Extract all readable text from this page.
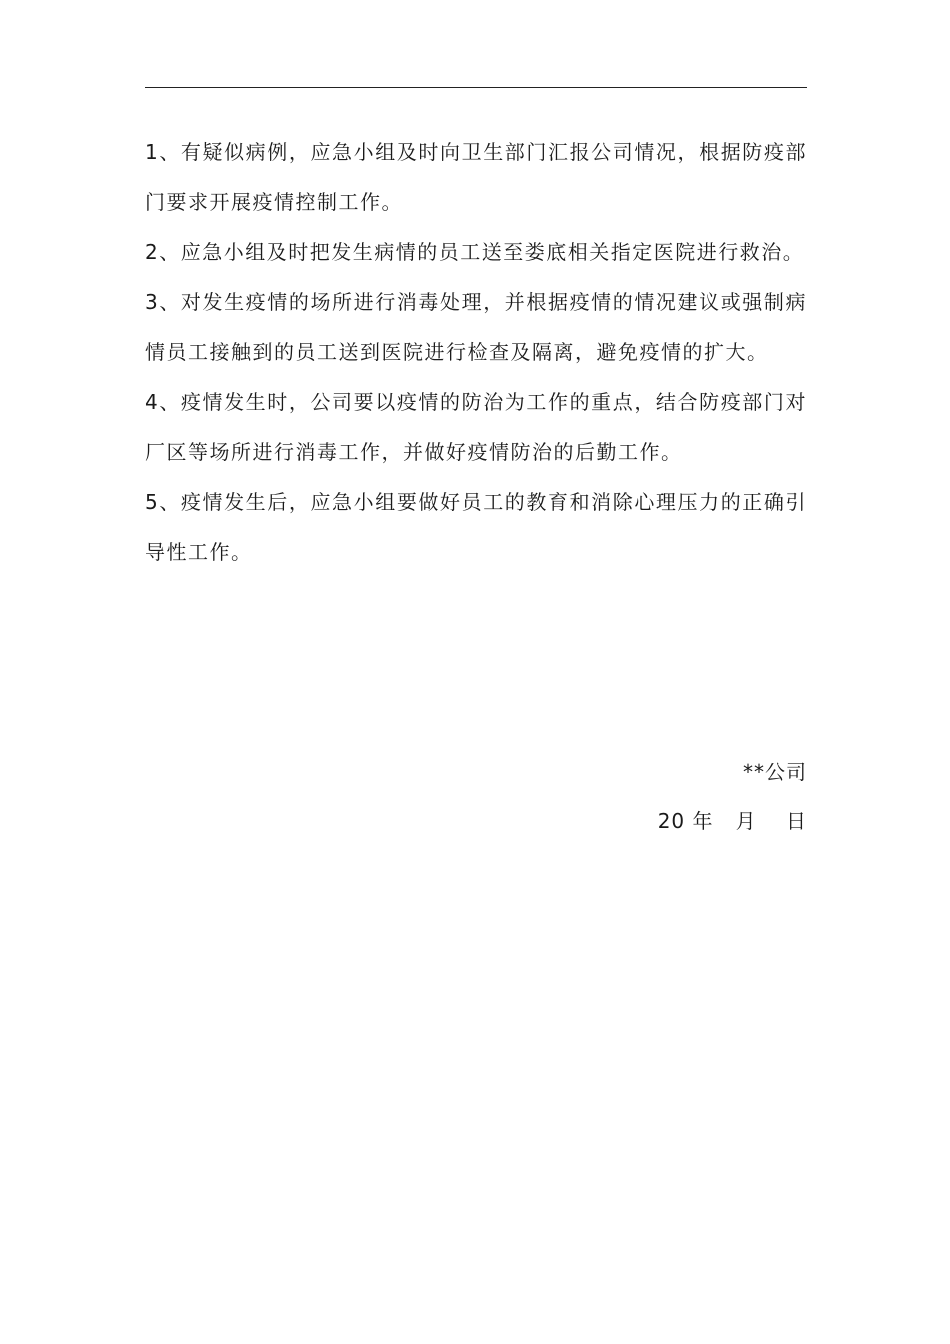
1、有疑似病例，应急小组及时向卫生部门汇报公司情况，根据防疫部门要求开展疫情控制工作。

2、应急小组及时把发生病情的员工送至娄底相关指定医院进行救治。

3、对发生疫情的场所进行消毒处理，并根据疫情的情况建议或强制病情员工接触到的员工送到医院进行检查及隔离，避免疫情的扩大。

4、疫情发生时，公司要以疫情的防治为工作的重点，结合防疫部门对厂区等场所进行消毒工作，并做好疫情防治的后勤工作。

5、疫情发生后，应急小组要做好员工的教育和消除心理压力的正确引导性工作。

**公司
20 年   月    日
